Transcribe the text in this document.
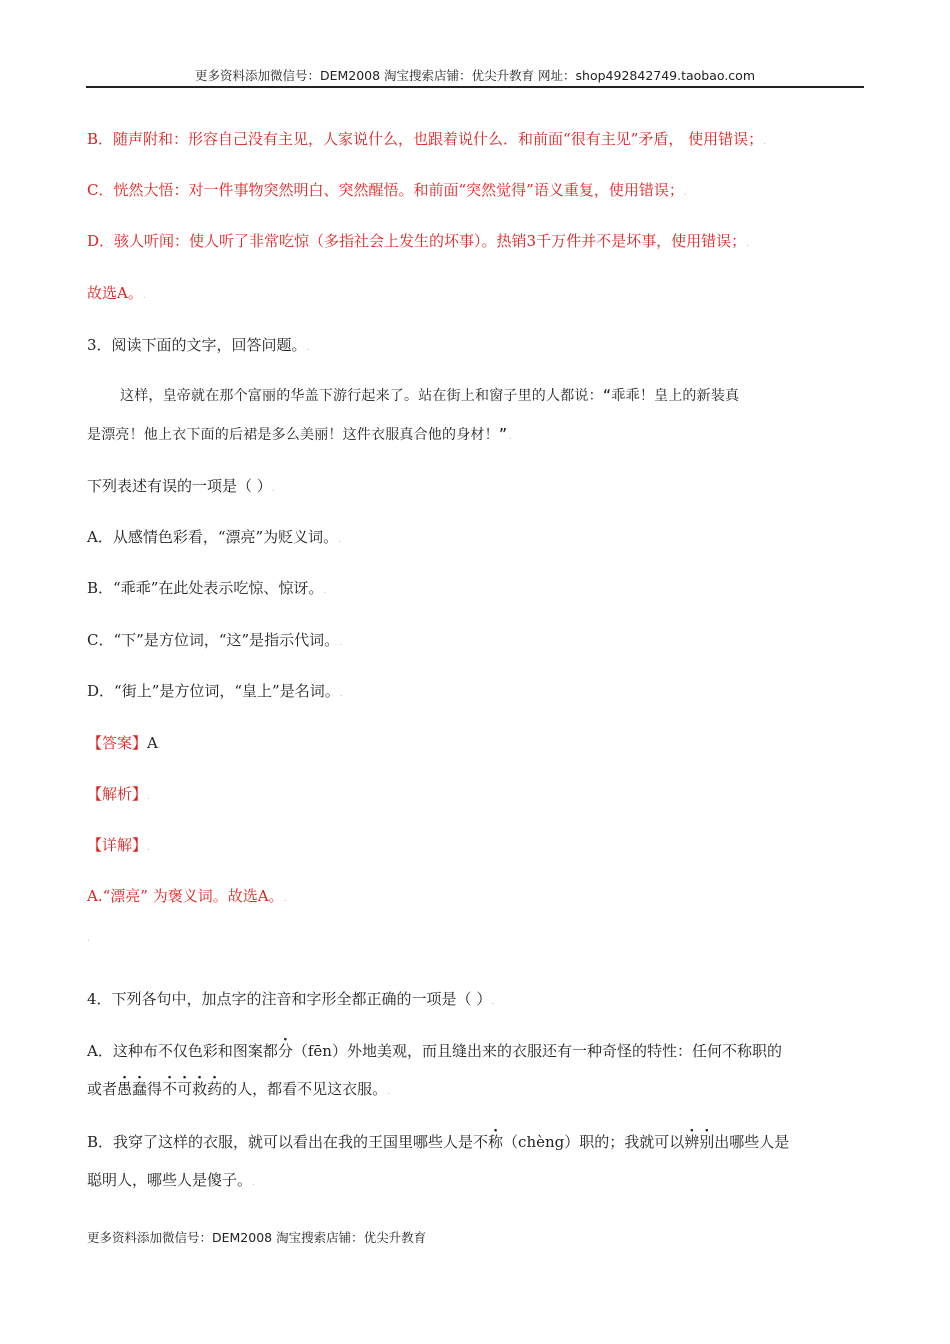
更多资料添加微信号：DEM2008 淘宝搜索店铺：优尖升教育 网址：shop492842749.taobao.com
B．随声附和：形容自己没有主见，人家说什么，也跟着说什么．和前面“很有主见”矛盾， 使用错误；.
C．恍然大悟：对一件事物突然明白、突然醒悟。和前面“突然觉得”语义重复，使用错误；.
D．骇人听闻：使人听了非常吃惊（多指社会上发生的坏事）。热销3千万件并不是坏事，使用错误；.
故选A。.
3．阅读下面的文字，回答问题。.
这样，皇帝就在那个富丽的华盖下游行起来了。站在街上和窗子里的人都说：“乖乖！皇上的新装真
是漂亮！他上衣下面的后裙是多么美丽！这件衣服真合他的身材！”.
下列表述有误的一项是（ ）.
A．从感情色彩看，“漂亮”为贬义词。.
B．“乖乖”在此处表示吃惊、惊讶。.
C．“下”是方位词，“这”是指示代词。.
D．“街上”是方位词，“皇上”是名词。.
【答案】A.
【解析】.
【详解】.
A.“漂亮” 为褒义词。故选A。.
.
4．下列各句中，加点字的注音和字形全都正确的一项是（ ）.
A．这种布不仅色彩和图案都分（fēn）外地美观，而且缝出来的衣服还有一种奇怪的特性：任何不称职的
或者愚蠢得不可救药的人，都看不见这衣服。.
B．我穿了这样的衣服，就可以看出在我的王国里哪些人是不称（chèng）职的；我就可以辨别出哪些人是
聪明人，哪些人是傻子。.
更多资料添加微信号：DEM2008 淘宝搜索店铺：优尖升教育
